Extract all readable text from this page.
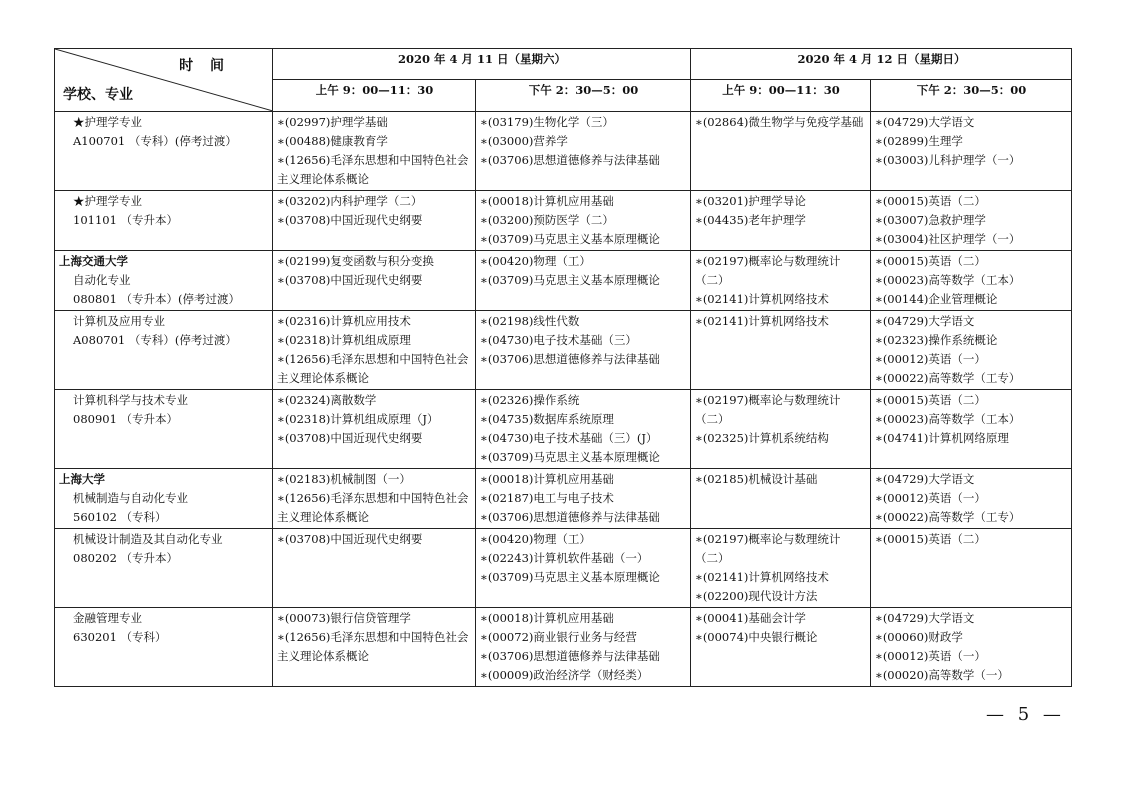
时 间
学校、专业	2020 年 4 月 11 日（星期六）		2020 年 4 月 12 日（星期日）	
	上午 9：00—11：30	下午 2：30—5：00	上午 9：00—11：30	下午 2：30—5：00

★护理学专业
A100701 （专科）(停考过渡）	∗(02997)护理学基础
∗(00488)健康教育学
∗(12656)毛泽东思想和中国特色社会主义理论体系概论	∗(03179)生物化学（三）
∗(03000)营养学
∗(03706)思想道德修养与法律基础	∗(02864)微生物学与免疫学基础	∗(04729)大学语文
∗(02899)生理学
∗(03003)儿科护理学（一）

★护理学专业
101101 （专升本）	∗(03202)内科护理学（二）
∗(03708)中国近现代史纲要	∗(00018)计算机应用基础
∗(03200)预防医学（二）
∗(03709)马克思主义基本原理概论	∗(03201)护理学导论
∗(04435)老年护理学	∗(00015)英语（二）
∗(03007)急救护理学
∗(03004)社区护理学（一）

上海交通大学
自动化专业
080801 （专升本）(停考过渡）	∗(02199)复变函数与积分变换
∗(03708)中国近现代史纲要	∗(00420)物理（工）
∗(03709)马克思主义基本原理概论	∗(02197)概率论与数理统计（二）
∗(02141)计算机网络技术	∗(00015)英语（二）
∗(00023)高等数学（工本）
∗(00144)企业管理概论

计算机及应用专业
A080701 （专科）(停考过渡）	∗(02316)计算机应用技术
∗(02318)计算机组成原理
∗(12656)毛泽东思想和中国特色社会主义理论体系概论	∗(02198)线性代数
∗(04730)电子技术基础（三）
∗(03706)思想道德修养与法律基础	∗(02141)计算机网络技术	∗(04729)大学语文
∗(02323)操作系统概论
∗(00012)英语（一）
∗(00022)高等数学（工专）

计算机科学与技术专业
080901 （专升本）	∗(02324)离散数学
∗(02318)计算机组成原理（J）
∗(03708)中国近现代史纲要	∗(02326)操作系统
∗(04735)数据库系统原理
∗(04730)电子技术基础（三）(J）
∗(03709)马克思主义基本原理概论	∗(02197)概率论与数理统计（二）
∗(02325)计算机系统结构	∗(00015)英语（二）
∗(00023)高等数学（工本）
∗(04741)计算机网络原理

上海大学
机械制造与自动化专业
560102 （专科）	∗(02183)机械制图（一）
∗(12656)毛泽东思想和中国特色社会主义理论体系概论	∗(00018)计算机应用基础
∗(02187)电工与电子技术
∗(03706)思想道德修养与法律基础	∗(02185)机械设计基础	∗(04729)大学语文
∗(00012)英语（一）
∗(00022)高等数学（工专）

机械设计制造及其自动化专业
080202 （专升本）	∗(03708)中国近现代史纲要	∗(00420)物理（工）
∗(02243)计算机软件基础（一）
∗(03709)马克思主义基本原理概论	∗(02197)概率论与数理统计（二）
∗(02141)计算机网络技术
∗(02200)现代设计方法	∗(00015)英语（二）

金融管理专业
630201 （专科）	∗(00073)银行信贷管理学
∗(12656)毛泽东思想和中国特色社会主义理论体系概论	∗(00018)计算机应用基础
∗(00072)商业银行业务与经营
∗(03706)思想道德修养与法律基础
∗(00009)政治经济学（财经类）	∗(00041)基础会计学
∗(00074)中央银行概论	∗(04729)大学语文
∗(00060)财政学
∗(00012)英语（一）
∗(00020)高等数学（一）
— 5 —
